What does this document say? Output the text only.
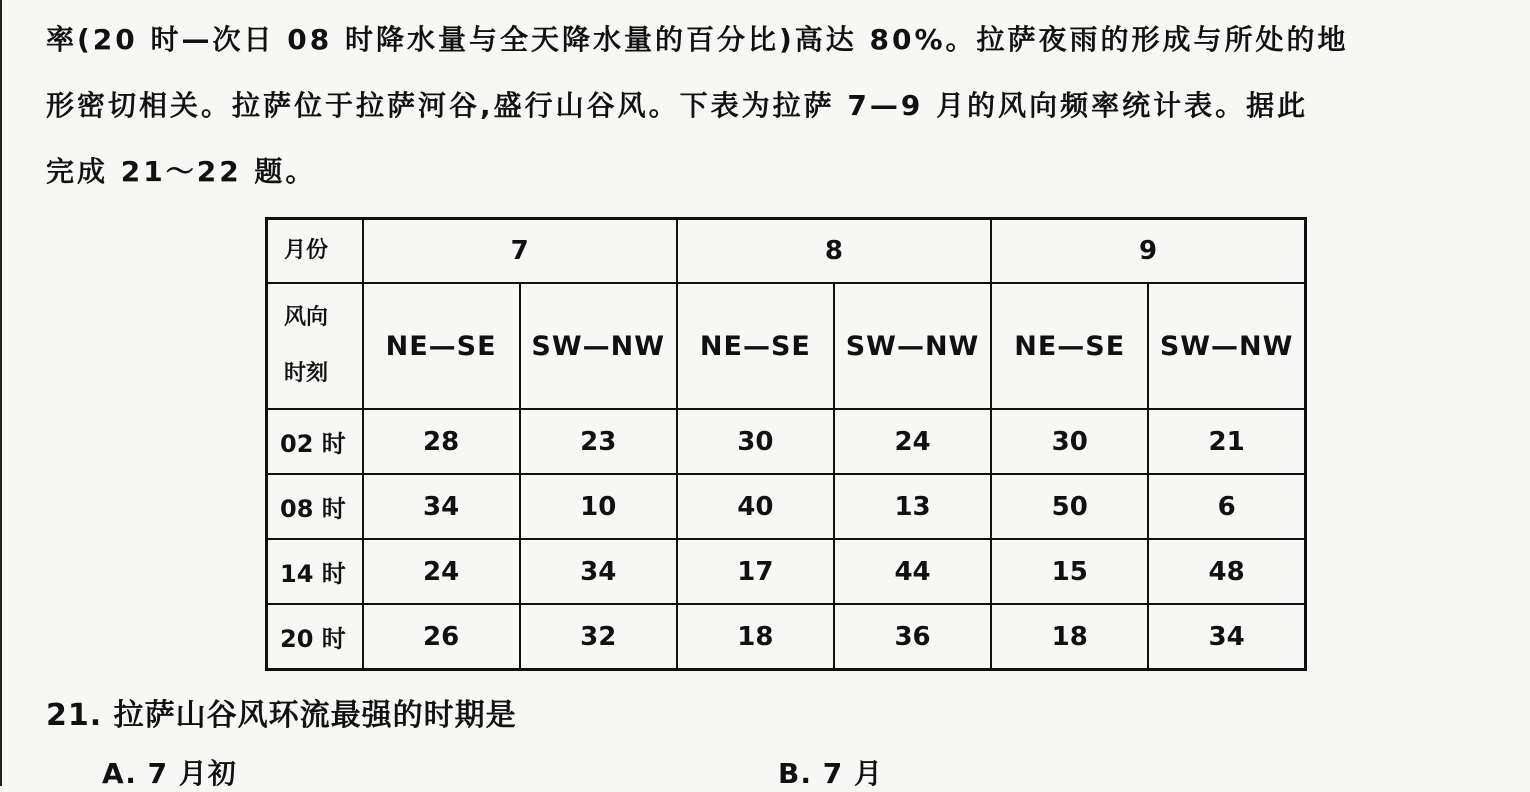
率(20 时—次日 08 时降水量与全天降水量的百分比)高达 80%。拉萨夜雨的形成与所处的地
形密切相关。拉萨位于拉萨河谷,盛行山谷风。下表为拉萨 7—9 月的风向频率统计表。据此
完成 21～22 题。
月份	7		8		9	

风向
时刻	NE—SE	SW—NW	NE—SE	SW—NW	NE—SE	SW—NW
02 时	28	23	30	24	30	21
08 时	34	10	40	13	50	6
14 时	24	34	17	44	15	48
20 时	26	32	18	36	18	34
21. 拉萨山谷风环流最强的时期是
A. 7 月初	B. 7 月
